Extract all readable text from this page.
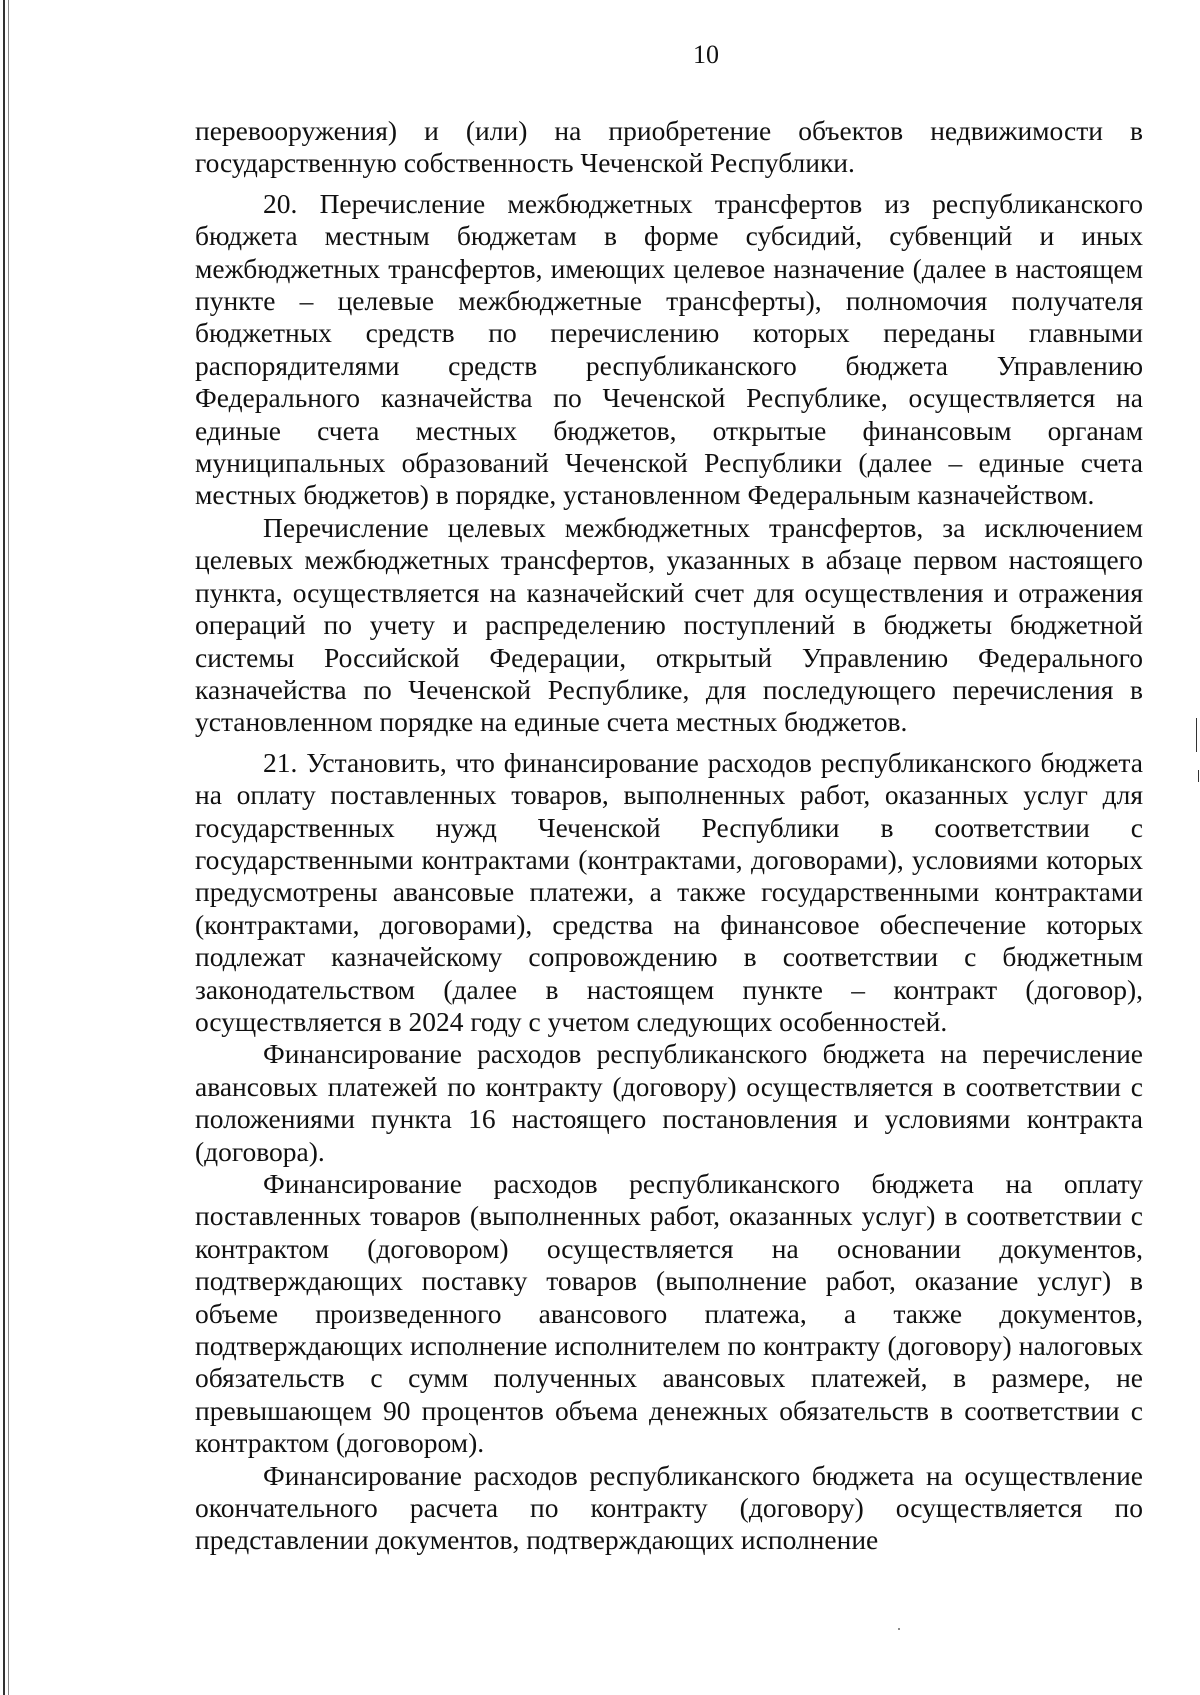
10

перевооружения) и (или) на приобретение объектов недвижимости в государственную собственность Чеченской Республики.

20. Перечисление межбюджетных трансфертов из республиканского бюджета местным бюджетам в форме субсидий, субвенций и иных межбюджетных трансфертов, имеющих целевое назначение (далее в настоящем пункте – целевые межбюджетные трансферты), полномочия получателя бюджетных средств по перечислению которых переданы главными распорядителями средств республиканского бюджета Управлению Федерального казначейства по Чеченской Республике, осуществляется на единые счета местных бюджетов, открытые финансовым органам муниципальных образований Чеченской Республики (далее – единые счета местных бюджетов) в порядке, установленном Федеральным казначейством.

Перечисление целевых межбюджетных трансфертов, за исключением целевых межбюджетных трансфертов, указанных в абзаце первом настоящего пункта, осуществляется на казначейский счет для осуществления и отражения операций по учету и распределению поступлений в бюджеты бюджетной системы Российской Федерации, открытый Управлению Федерального казначейства по Чеченской Республике, для последующего перечисления в установленном порядке на единые счета местных бюджетов.

21. Установить, что финансирование расходов республиканского бюджета на оплату поставленных товаров, выполненных работ, оказанных услуг для государственных нужд Чеченской Республики в соответствии с государственными контрактами (контрактами, договорами), условиями которых предусмотрены авансовые платежи, а также государственными контрактами (контрактами, договорами), средства на финансовое обеспечение которых подлежат казначейскому сопровождению в соответствии с бюджетным законодательством (далее в настоящем пункте – контракт (договор), осуществляется в 2024 году с учетом следующих особенностей.

Финансирование расходов республиканского бюджета на перечисление авансовых платежей по контракту (договору) осуществляется в соответствии с положениями пункта 16 настоящего постановления и условиями контракта (договора).

Финансирование расходов республиканского бюджета на оплату поставленных товаров (выполненных работ, оказанных услуг) в соответствии с контрактом (договором) осуществляется на основании документов, подтверждающих поставку товаров (выполнение работ, оказание услуг) в объеме произведенного авансового платежа, а также документов, подтверждающих исполнение исполнителем по контракту (договору) налоговых обязательств с сумм полученных авансовых платежей, в размере, не превышающем 90 процентов объема денежных обязательств в соответствии с контрактом (договором).

Финансирование расходов республиканского бюджета на осуществление окончательного расчета по контракту (договору) осуществляется по представлении документов, подтверждающих исполнение
